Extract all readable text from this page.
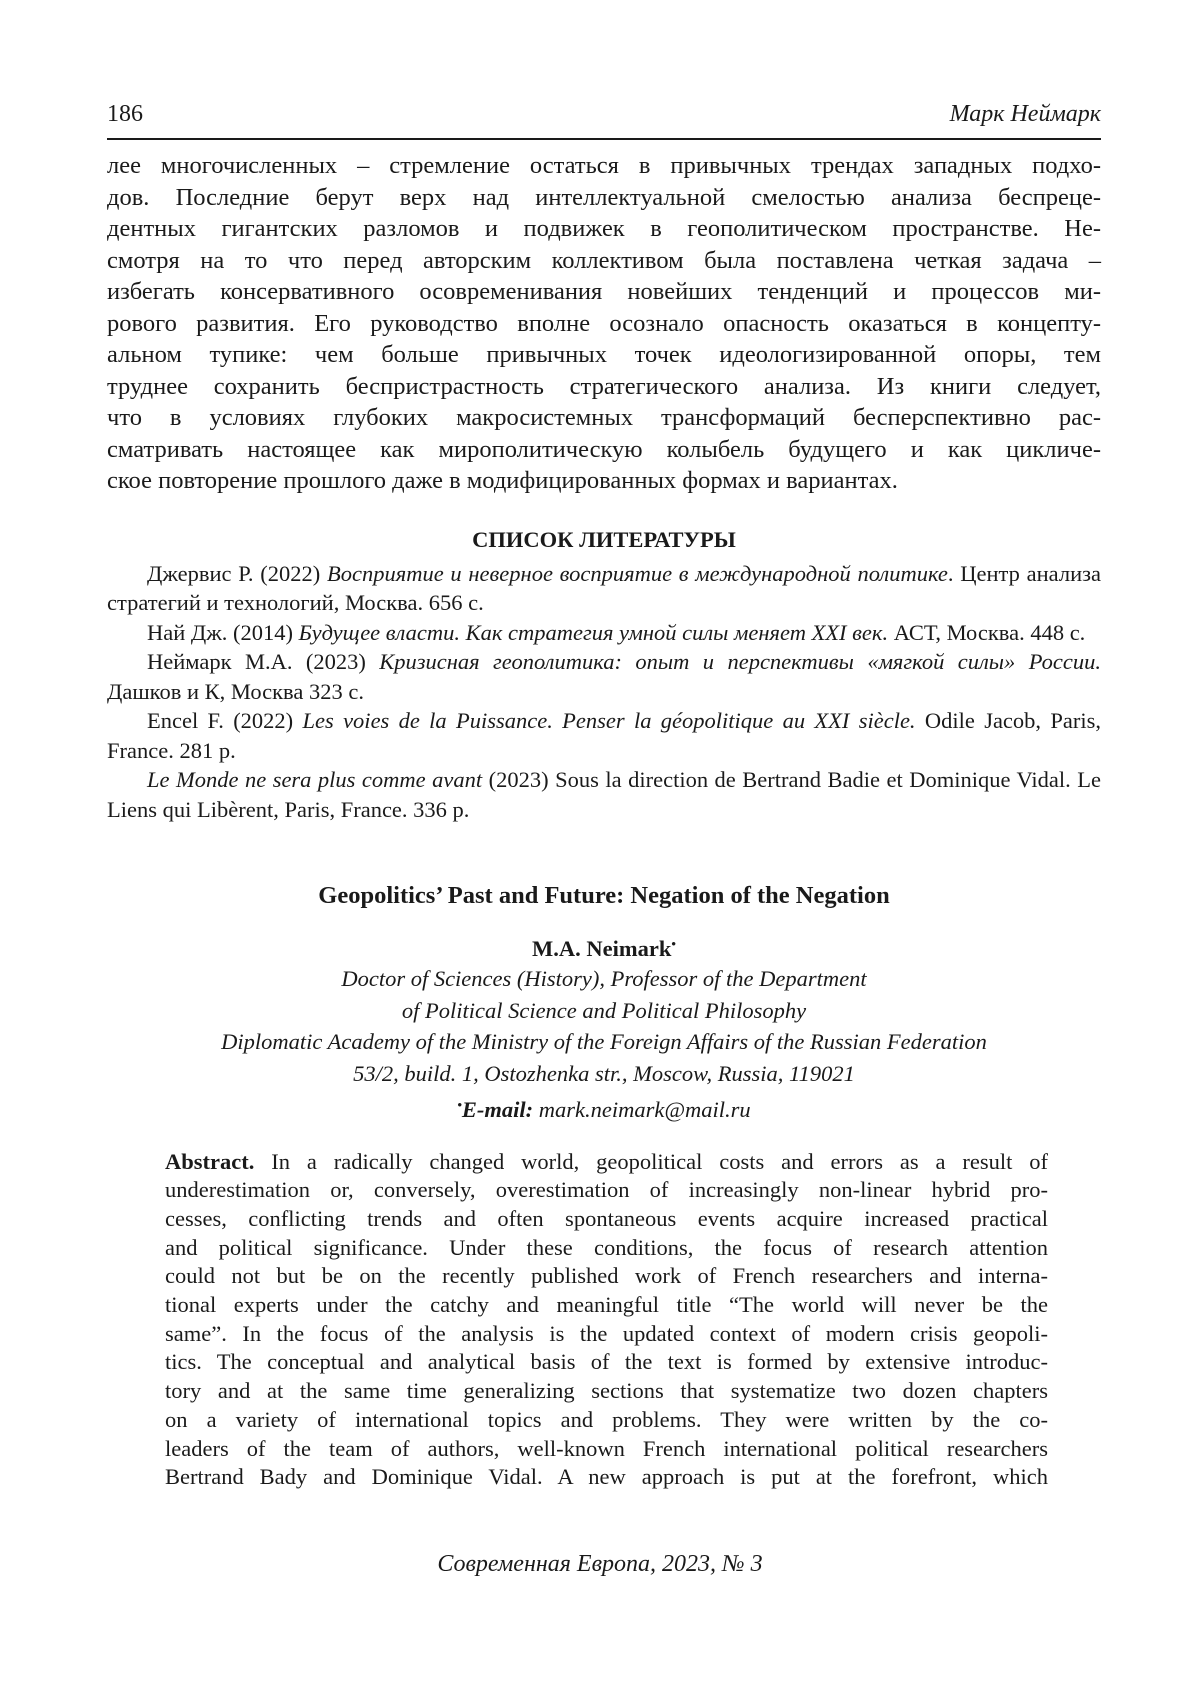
186	Марк Неймарк
лее многочисленных – стремление остаться в привычных трендах западных подхо-
дов. Последние берут верх над интеллектуальной смелостью анализа беспреце-
дентных гигантских разломов и подвижек в геополитическом пространстве. Не-
смотря на то что перед авторским коллективом была поставлена четкая задача –
избегать консервативного осовременивания новейших тенденций и процессов ми-
рового развития. Его руководство вполне осознало опасность оказаться в концепту-
альном тупике: чем больше привычных точек идеологизированной опоры, тем
труднее сохранить беспристрастность стратегического анализа. Из книги следует,
что в условиях глубоких макросистемных трансформаций бесперспективно рас-
сматривать настоящее как мирополитическую колыбель будущего и как цикличе-
ское повторение прошлого даже в модифицированных формах и вариантах.
СПИСОК ЛИТЕРАТУРЫ

Джервис Р. (2022) Восприятие и неверное восприятие в международной политике. Центр анализа стратегий и технологий, Москва. 656 с.

Най Дж. (2014) Будущее власти. Как стратегия умной силы меняет XXI век. АСТ, Москва. 448 с.

Неймарк М.А. (2023) Кризисная геополитика: опыт и перспективы «мягкой силы» России. Дашков и К, Москва 323 с.

Encel F. (2022) Les voies de la Puissance. Penser la géopolitique au XXI siècle. Odile Jacob, Paris, France. 281 p.

Le Monde ne sera plus comme avant (2023) Sous la direction de Bertrand Badie et Dominique Vidal. Le Liens qui Libèrent, Paris, France. 336 p.

Geopolitics’ Past and Future: Negation of the Negation
M.A. Neimark•
Doctor of Sciences (History), Professor of the Department
of Political Science and Political Philosophy
Diplomatic Academy of the Ministry of the Foreign Affairs of the Russian Federation
53/2, build. 1, Ostozhenka str., Moscow, Russia, 119021
•E-mail: mark.neimark@mail.ru
Abstract. In a radically changed world, geopolitical costs and errors as a result of
underestimation or, conversely, overestimation of increasingly non-linear hybrid pro-
cesses, conflicting trends and often spontaneous events acquire increased practical
and political significance. Under these conditions, the focus of research attention
could not but be on the recently published work of French researchers and interna-
tional experts under the catchy and meaningful title “The world will never be the
same”. In the focus of the analysis is the updated context of modern crisis geopoli-
tics. The conceptual and analytical basis of the text is formed by extensive introduc-
tory and at the same time generalizing sections that systematize two dozen chapters
on a variety of international topics and problems. They were written by the co-
leaders of the team of authors, well-known French international political researchers
Bertrand Bady and Dominique Vidal. A new approach is put at the forefront, which
Современная Европа, 2023, № 3
